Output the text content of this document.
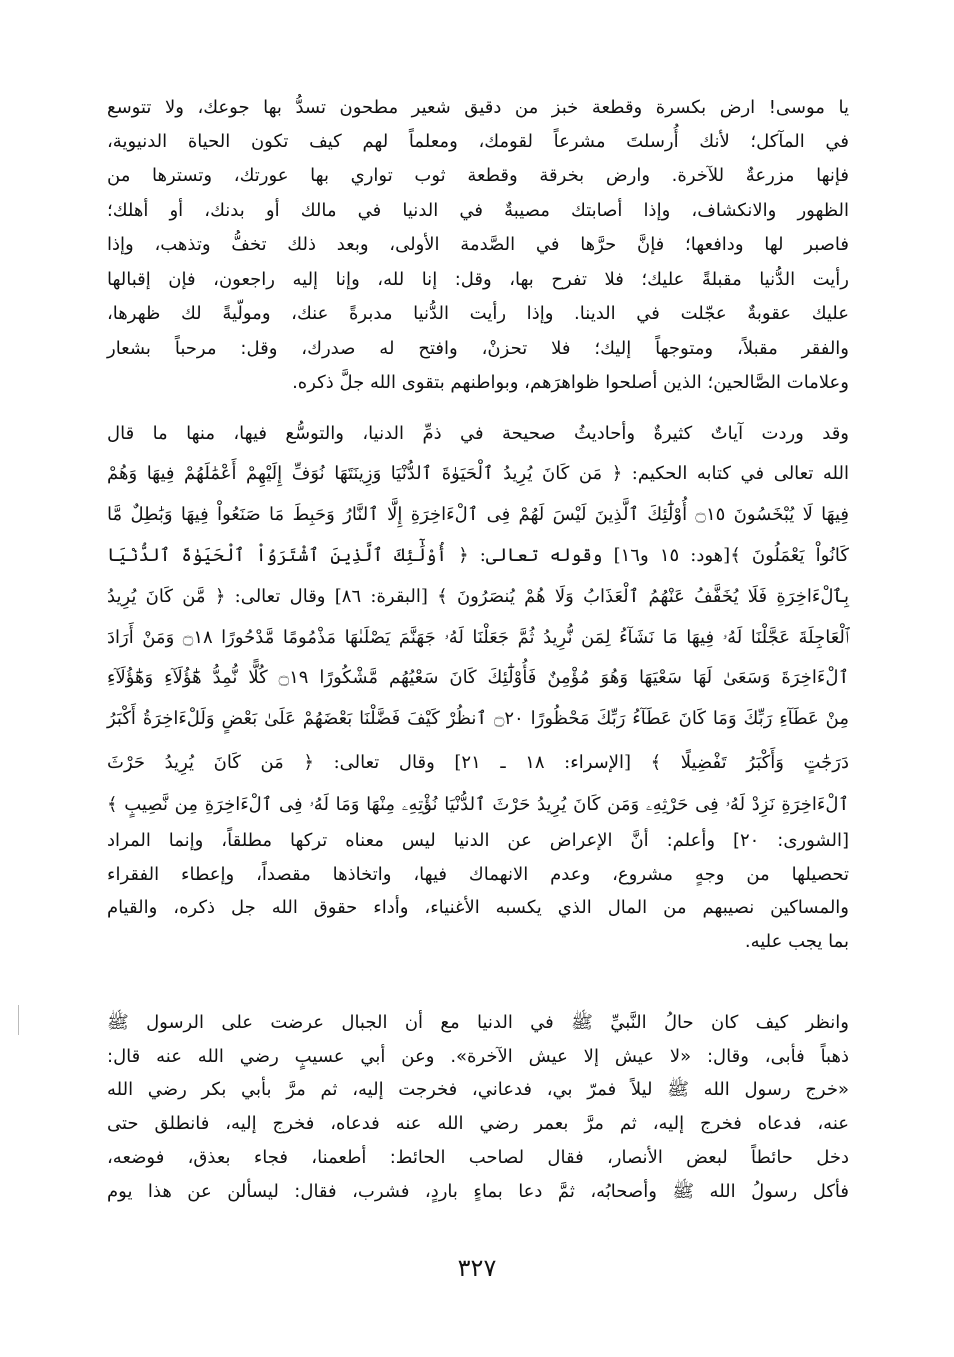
يا موسى! ارض بكسرة وقطعة خبز من دقيق شعير مطحون تسدُّ بها جوعك، ولا تتوسع
في المآكل؛ لأنك أُرسلتَ مشرعاً لقومك، ومعلماً لهم كيف تكون الحياة الدنيوية،
فإنها مزرعةٌ للآخرة. وارض بخرقة وقطعة ثوب تواري بها عورتك، وتسترها من
الظهور والانكشاف، وإذا أصابتك مصيبةٌ في الدنيا في مالك أو بدنك، أو أهلك؛
فاصبر لها ودافعها؛ فإنَّ حرَّها في الصَّدمة الأولى، وبعد ذلك تخفُّ وتذهب، وإذا
رأيت الدُّنيا مقبلةً عليك؛ فلا تفرح بها، وقل: إنا لله، وإنا إليه راجعون، فإن إقبالها
عليك عقوبةٌ عجّلت في الدينا. وإذا رأيت الدُّنيا مدبرةً عنك، ومولّيةً لك ظهرها،
والفقر مقبلاً، ومتوجهاً إليك؛ فلا تحزنْ، وافتح له صدرك، وقل: مرحباً بشعار
وعلامات الصَّالحين؛ الذين أصلحوا ظواهرَهم، وبواطنهم بتقوى الله جلَّ ذكره.
وقد وردت آياتٌ كثيرةٌ وأحاديثُ صحيحة في ذمِّ الدنيا، والتوسُّع فيها، منها ما قال
الله تعالى في كتابه الحكيم: ﴿ مَن كَانَ يُرِيدُ ٱلْحَيَوٰةَ ٱلدُّنْيَا وَزِينَتَهَا نُوَفِّ إِلَيْهِمْ أَعْمَٰلَهُمْ فِيهَا وَهُمْ
فِيهَا لَا يُبْخَسُونَ ۝١٥ أُوْلَٰٓئِكَ ٱلَّذِينَ لَيْسَ لَهُمْ فِى ٱلْءَاخِرَةِ إِلَّا ٱلنَّارُ وَحَبِطَ مَا صَنَعُواْ فِيهَا وَبَٰطِلٌ مَّا
كَانُواْ يَعْمَلُونَ ﴾[هود: ١٥ و١٦] وقوله تعالى: ﴿ أُوْلَٰٓئِكَ ٱلَّذِينَ ٱشْتَرَوُاْ ٱلْحَيَوٰةَ ٱلدُّنْيَا
بِٱلْءَاخِرَةِ فَلَا يُخَفَّفُ عَنْهُمُ ٱلْعَذَابُ وَلَا هُمْ يُنصَرُونَ ﴾ [البقرة: ٨٦] وقال تعالى: ﴿ مَّن كَانَ يُرِيدُ
ٱلْعَاجِلَةَ عَجَّلْنَا لَهُۥ فِيهَا مَا نَشَآءُ لِمَن نُّرِيدُ ثُمَّ جَعَلْنَا لَهُۥ جَهَنَّمَ يَصْلَىٰهَا مَذْمُومًا مَّدْحُورًا ۝١٨ وَمَنْ أَرَادَ
ٱلْءَاخِرَةَ وَسَعَىٰ لَهَا سَعْيَهَا وَهُوَ مُؤْمِنٌ فَأُوْلَٰٓئِكَ كَانَ سَعْيُهُم مَّشْكُورًا ۝١٩ كُلًّا نُّمِدُّ هَٰٓؤُلَآءِ وَهَٰٓؤُلَآءِ
مِنْ عَطَآءِ رَبِّكَ وَمَا كَانَ عَطَآءُ رَبِّكَ مَحْظُورًا ۝٢٠ ٱنظُرْ كَيْفَ فَضَّلْنَا بَعْضَهُمْ عَلَىٰ بَعْضٍ وَلَلْءَاخِرَةُ أَكْبَرُ
دَرَجَٰتٍ وَأَكْبَرُ تَفْضِيلًا ﴾ [الإسراء: ١٨ ـ ٢١] وقال تعالى: ﴿ مَن كَانَ يُرِيدُ حَرْثَ
ٱلْءَاخِرَةِ نَزِدْ لَهُۥ فِى حَرْثِهِۦ وَمَن كَانَ يُرِيدُ حَرْثَ ٱلدُّنْيَا نُؤْتِهِۦ مِنْهَا وَمَا لَهُۥ فِى ٱلْءَاخِرَةِ مِن نَّصِيبٍ ﴾
[الشورى: ٢٠] وأعلم: أنَّ الإعراض عن الدنيا ليس معناه تركها مطلقاً، وإنما المراد
تحصيلها من وجهٍ مشروع، وعدم الانهماك فيها، واتخاذها مقصداً، وإعطاء الفقراء
والمساكين نصيبهم من المال الذي يكسبه الأغنياء، وأداء حقوق الله جل ذكره، والقيام
بما يجب عليه.
وانظر كيف كان حالُ النَّبيِّ ﷺ في الدنيا مع أن الجبال عرضت على الرسول ﷺ
ذهباً فأبى، وقال: «لا عيش إلا عيش الآخرة». وعن أبي عسيبٍ رضي الله عنه قال:
«خرج رسول الله ﷺ ليلاً فمرّ بي، فدعاني، فخرجت إليه، ثم مرَّ بأبي بكر رضي الله
عنه، فدعاه فخرج إليه، ثم مرَّ بعمر رضي الله عنه فدعاه، فخرج إليه، فانطلق حتى
دخل حائطاً لبعض الأنصار، فقال لصاحب الحائط: أطعمنا، فجاء بعذق، فوضعه،
فأكل رسولُ الله ﷺ وأصحابُه، ثمَّ دعا بماءٍ باردٍ، فشرب، فقال: ليسألن عن هذا يوم
٣٢٧
